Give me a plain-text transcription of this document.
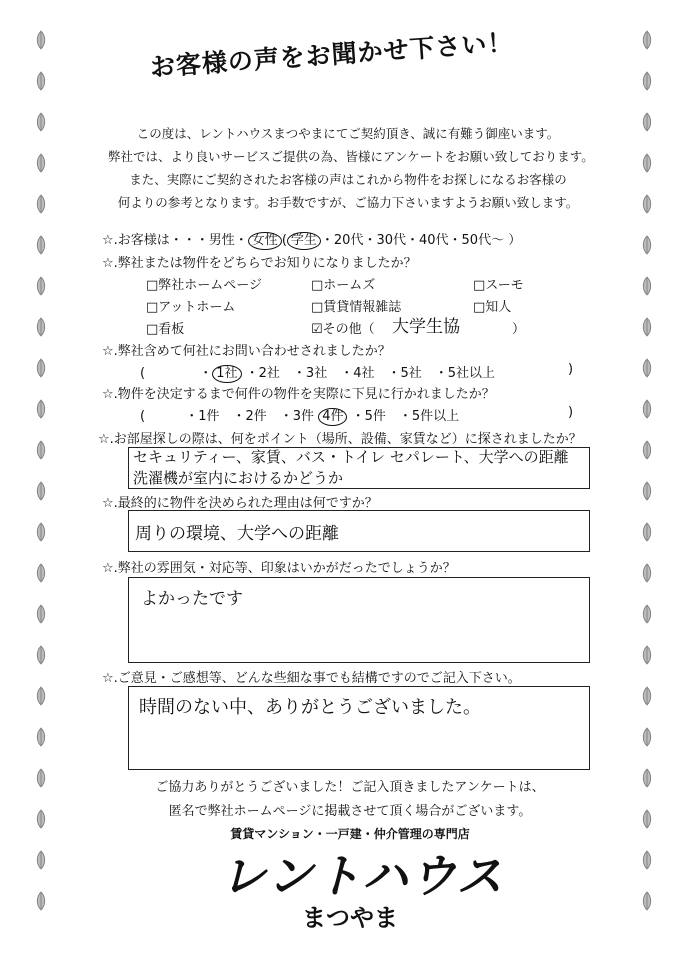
お客様の声をお聞かせ下さい！
この度は、レントハウスまつやまにてご契約頂き、誠に有難う御座います。
弊社では、より良いサービスご提供の為、皆様にアンケートをお願い致しております。
また、実際にご契約されたお客様の声はこれから物件をお探しになるお客様の
何よりの参考となります。お手数ですが、ご協力下さいますようお願い致します。
☆.お客様は・・・男性・ 女性 ( 学生 ・20代・30代・40代・50代～ ）
☆.弊社または物件をどちらでお知りになりましたか？
□弊社ホームページ	□ホームズ	□スーモ
□アットホーム	□賃貸情報雑誌	□知人
□看板	☑その他（ 大学生協	）
☆.弊社含めて何社にお問い合わせされましたか？
(	・ 1社 ・2社　・3社　・4社　・5社　・5社以上	)
☆.物件を決定するまで何件の物件を実際に下見に行かれましたか？
(	・1件　・2件　・3件 4件 ・5件　・5件以上	)
☆.お部屋探しの際は、何をポイント（場所、設備、家賃など）に探されましたか？
セキュリティー、家賃、バス・トイレ セパレート、大学への距離
洗濯機が室内におけるかどうか
☆.最終的に物件を決められた理由は何ですか？
周りの環境、大学への距離
☆.弊社の雰囲気・対応等、印象はいかがだったでしょうか？
よかったです
☆.ご意見・ご感想等、どんな些細な事でも結構ですのでご記入下さい。
時間のない中、ありがとうございました。
ご協力ありがとうございました！ご記入頂きましたアンケートは、
匿名で弊社ホームページに掲載させて頂く場合がございます。
賃貸マンション・一戸建・仲介管理の専門店
レントハウス
まつやま
